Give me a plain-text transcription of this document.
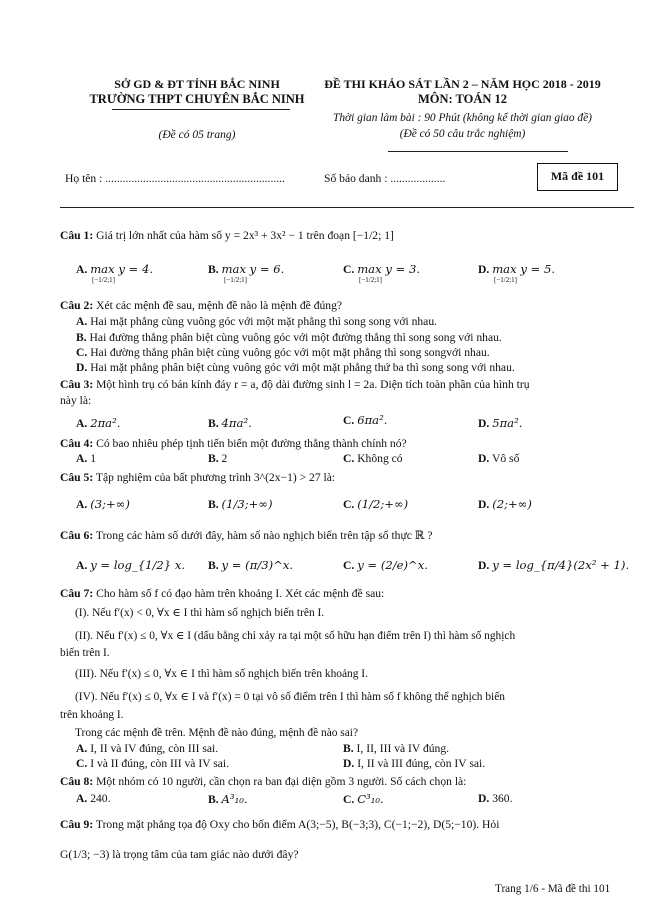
SỞ GD & ĐT TỈNH BẮC NINH
TRƯỜNG THPT CHUYÊN BẮC NINH
(Đề có 05 trang)
ĐỀ THI KHẢO SÁT LẦN 2 – NĂM HỌC 2018 - 2019
MÔN: TOÁN 12
Thời gian làm bài : 90 Phút (không kể thời gian giao đề)
(Đề có 50 câu trắc nghiệm)
Họ tên : ..............................................................	Số báo danh : ...................	Mã đề 101
Câu 1: Giá trị lớn nhất của hàm số y = 2x³ + 3x² − 1 trên đoạn [−1/2; 1]
A. max y = 4.	B. max y = 6.	C. max y = 3.	D. max y = 5.
[−1/2;1]	[−1/2;1]	[−1/2;1]	[−1/2;1]
Câu 2: Xét các mệnh đề sau, mệnh đề nào là mệnh đề đúng?
A. Hai mặt phẳng cùng vuông góc với một mặt phẳng thì song song với nhau.
B. Hai đường thẳng phân biệt cùng vuông góc với một đường thẳng thì song song với nhau.
C. Hai đường thẳng phân biệt cùng vuông góc với một mặt phẳng thì song songvới nhau.
D. Hai mặt phẳng phân biệt cùng vuông góc với một mặt phẳng thứ ba thì song song với nhau.
Câu 3: Một hình trụ có bán kính đáy r = a, độ dài đường sinh l = 2a. Diện tích toàn phần của hình trụ
này là:
A. 2πa².	B. 4πa².	C. 6πa².	D. 5πa².
Câu 4: Có bao nhiêu phép tịnh tiến biến một đường thẳng thành chính nó?
A. 1	B. 2	C. Không có	D. Vô số
Câu 5: Tập nghiệm của bất phương trình 3^(2x−1) > 27 là:
A. (3;+∞)	B. (1/3;+∞)	C. (1/2;+∞)	D. (2;+∞)
Câu 6: Trong các hàm số dưới đây, hàm số nào nghịch biến trên tập số thực ℝ ?
A. y = log_{1/2} x. B. y = (π/3)^x.	C. y = (2/e)^x.	D. y = log_{π/4}(2x² + 1).
Câu 7: Cho hàm số f có đạo hàm trên khoảng I. Xét các mệnh đề sau:
(I). Nếu f′(x) < 0, ∀x ∈ I thì hàm số nghịch biến trên I.
(II). Nếu f′(x) ≤ 0, ∀x ∈ I (dấu bằng chỉ xảy ra tại một số hữu hạn điểm trên I) thì hàm số nghịch
biến trên I.
(III). Nếu f′(x) ≤ 0, ∀x ∈ I thì hàm số nghịch biến trên khoảng I.
(IV). Nếu f′(x) ≤ 0, ∀x ∈ I và f′(x) = 0 tại vô số điểm trên I thì hàm số f không thể nghịch biến
trên khoảng I.
Trong các mệnh đề trên. Mệnh đề nào đúng, mệnh đề nào sai?
A. I, II và IV đúng, còn III sai.	B. I, II, III và IV đúng.
C. I và II đúng, còn III và IV sai.	D. I, II và III đúng, còn IV sai.
Câu 8: Một nhóm có 10 người, cần chọn ra ban đại diện gồm 3 người. Số cách chọn là:
A. 240.	B. A³₁₀.	C. C³₁₀.	D. 360.
Câu 9: Trong mặt phẳng tọa độ Oxy cho bốn điểm A(3;−5), B(−3;3), C(−1;−2), D(5;−10). Hỏi
G(1/3; −3) là trọng tâm của tam giác nào dưới đây?
Trang 1/6 - Mã đề thi 101
